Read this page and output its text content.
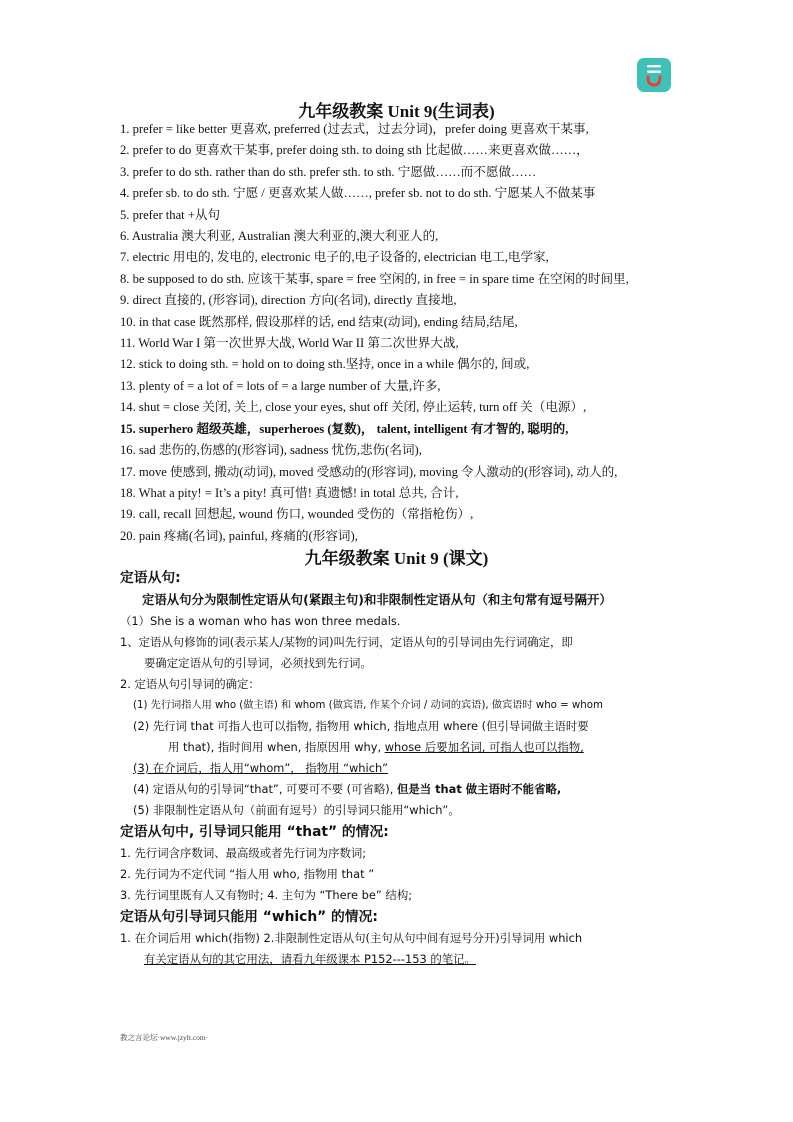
九年级教案 Unit 9(生词表)
1. prefer = like better 更喜欢, preferred (过去式，过去分词)，prefer doing 更喜欢干某事,
2. prefer to do 更喜欢干某事, prefer doing sth. to doing sth 比起做……来更喜欢做……，
3. prefer to do sth. rather than do sth. prefer sth. to sth. 宁愿做……而不愿做……
4. prefer sb. to do sth. 宁愿 / 更喜欢某人做……, prefer sb. not to do sth. 宁愿某人不做某事
5. prefer that +从句
6. Australia 澳大利亚, Australian 澳大利亚的,澳大利亚人的,
7. electric 用电的, 发电的, electronic 电子的,电子设备的, electrician 电工,电学家,
8. be supposed to do sth. 应该干某事, spare = free 空闲的, in free = in spare time 在空闲的时间里,
9. direct 直接的, (形容词), direction 方向(名词), directly 直接地,
10. in that case 既然那样, 假设那样的话, end 结束(动词), ending 结局,结尾,
11. World War I 第一次世界大战, World War II 第二次世界大战,
12. stick to doing sth. = hold on to doing sth.坚持, once in a while 偶尔的, 间或,
13. plenty of = a lot of = lots of = a large number of 大量,许多,
14. shut = close 关闭, 关上, close your eyes, shut off 关闭, 停止运转, turn off 关（电源）,
15. superhero 超级英雄，superheroes (复数)， talent, intelligent 有才智的, 聪明的,
16. sad 悲伤的,伤感的(形容词), sadness 忧伤,悲伤(名词),
17. move 使感到, 搬动(动词), moved 受感动的(形容词), moving 令人激动的(形容词), 动人的,
18. What a pity! = It’s a pity! 真可惜! 真遗憾! in total 总共, 合计,
19. call, recall 回想起, wound 伤口, wounded 受伤的（常指枪伤）,
20. pain 疼痛(名词), painful, 疼痛的(形容词),
九年级教案 Unit 9 (课文)
定语从句:
定语从句分为限制性定语从句(紧跟主句)和非限制性定语从句（和主句常有逗号隔开）
（1）She is a woman who has won three medals.
1、定语从句修饰的词(表示某人/某物的词)叫先行词，定语从句的引导词由先行词确定，即
要确定定语从句的引导词，必须找到先行词。
2. 定语从句引导词的确定：
(1) 先行词指人用 who (做主语) 和 whom (做宾语, 作某个介词 / 动词的宾语), 做宾语时 who = whom
(2) 先行词 that 可指人也可以指物, 指物用 which, 指地点用 where (但引导词做主语时要
用 that), 指时间用 when, 指原因用 why, whose 后要加名词, 可指人也可以指物,
(3) 在介词后，指人用“whom”， 指物用 “which”
(4) 定语从句的引导词“that”, 可要可不要 (可省略), 但是当 that 做主语时不能省略,
(5) 非限制性定语从句（前面有逗号）的引导词只能用“which”。
定语从句中, 引导词只能用 “that” 的情况:
1. 先行词含序数词、最高级或者先行词为序数词;
2. 先行词为不定代词 “指人用 who, 指物用 that ”
3. 先行词里既有人又有物时; 4. 主句为 “There be” 结构;
定语从句引导词只能用 “which” 的情况:
1. 在介词后用 which(指物) 2.非限制性定语从句(主句从句中间有逗号分开)引导词用 which
有关定语从句的其它用法，请看九年级课本 P152---153 的笔记。
教之言论坛·www.jzylt.com·
